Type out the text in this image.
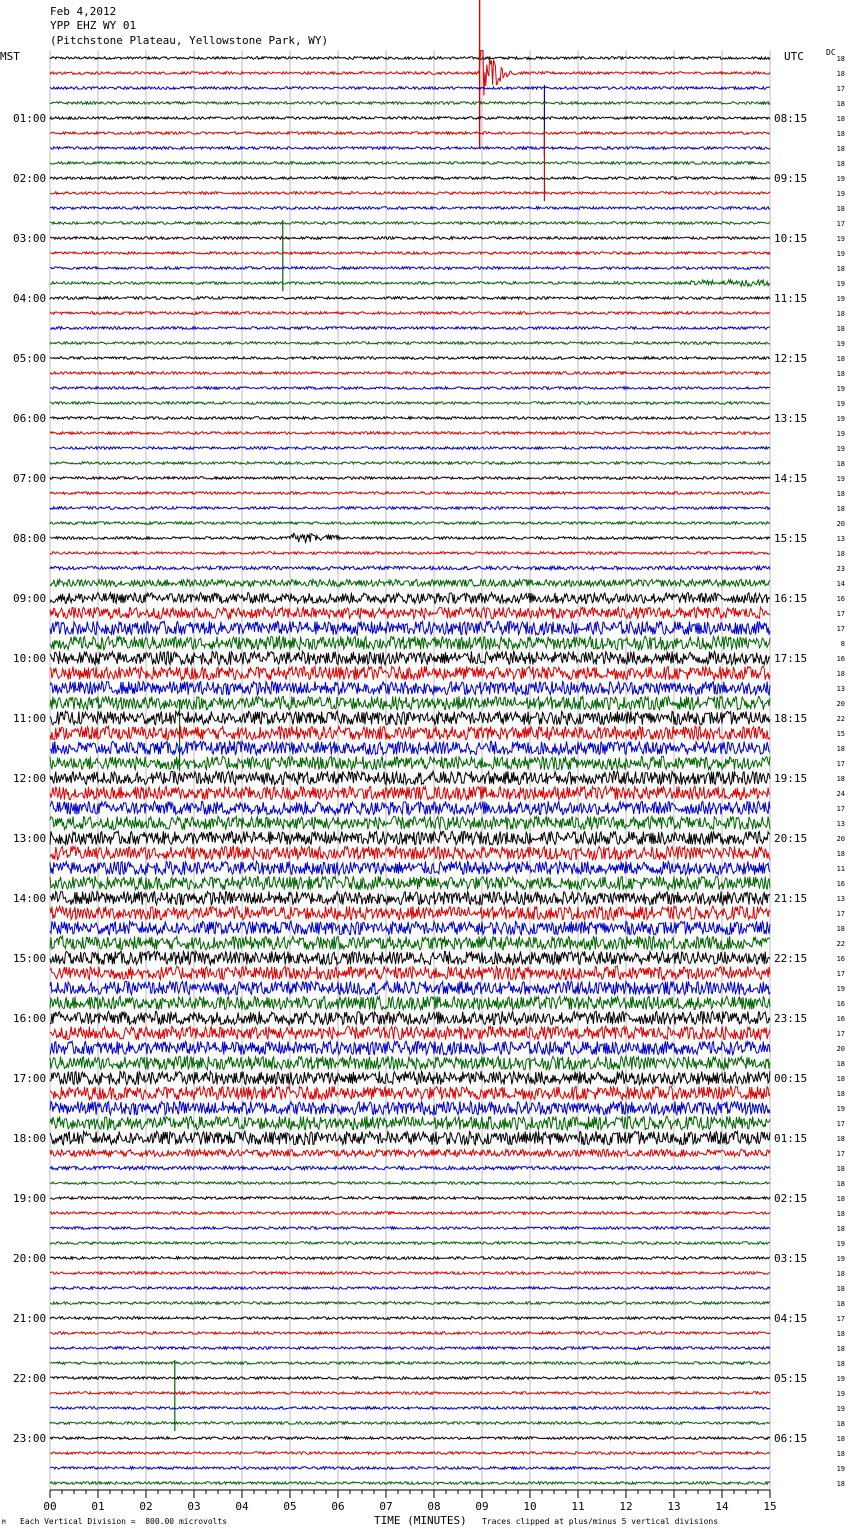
Feb 4,2012
YPP EHZ WY 01
(Pitchstone Plateau, Yellowstone Park, WY)
MST	UTC	DC
01:00
02:00
03:00
04:00
05:00
06:00
07:00
08:00
09:00
10:00
11:00
12:00
13:00
14:00
15:00
16:00
17:00
18:00
19:00
20:00
21:00
22:00
23:00
08:15
09:15
10:15
11:15
12:15
13:15
14:15
15:15
16:15
17:15
18:15
19:15
20:15
21:15
22:15
23:15
00:15
01:15
02:15
03:15
04:15
05:15
06:15
18
18
17
18
18
18
18
18
19
19
18
17
19
19
18
19
19
18
18
19
18
18
19
19
19
19
19
18
19
18
18
20
13
18
23
14
16
17
17
8
16
18
13
20
22
15
18
17
18
24
17
13
20
18
11
16
13
17
18
22
16
17
19
16
16
17
20
18
18
18
19
17
18
17
18
18
18
18
18
19
19
18
18
18
17
18
18
18
19
19
19
18
18
18
19
18
00	01	02	03	04	05	06	07	08	09	10	11	12	13	14	15
M Each Vertical Division =  800.00 microvolts	TIME (MINUTES) Traces clipped at plus/minus 5 vertical divisions
